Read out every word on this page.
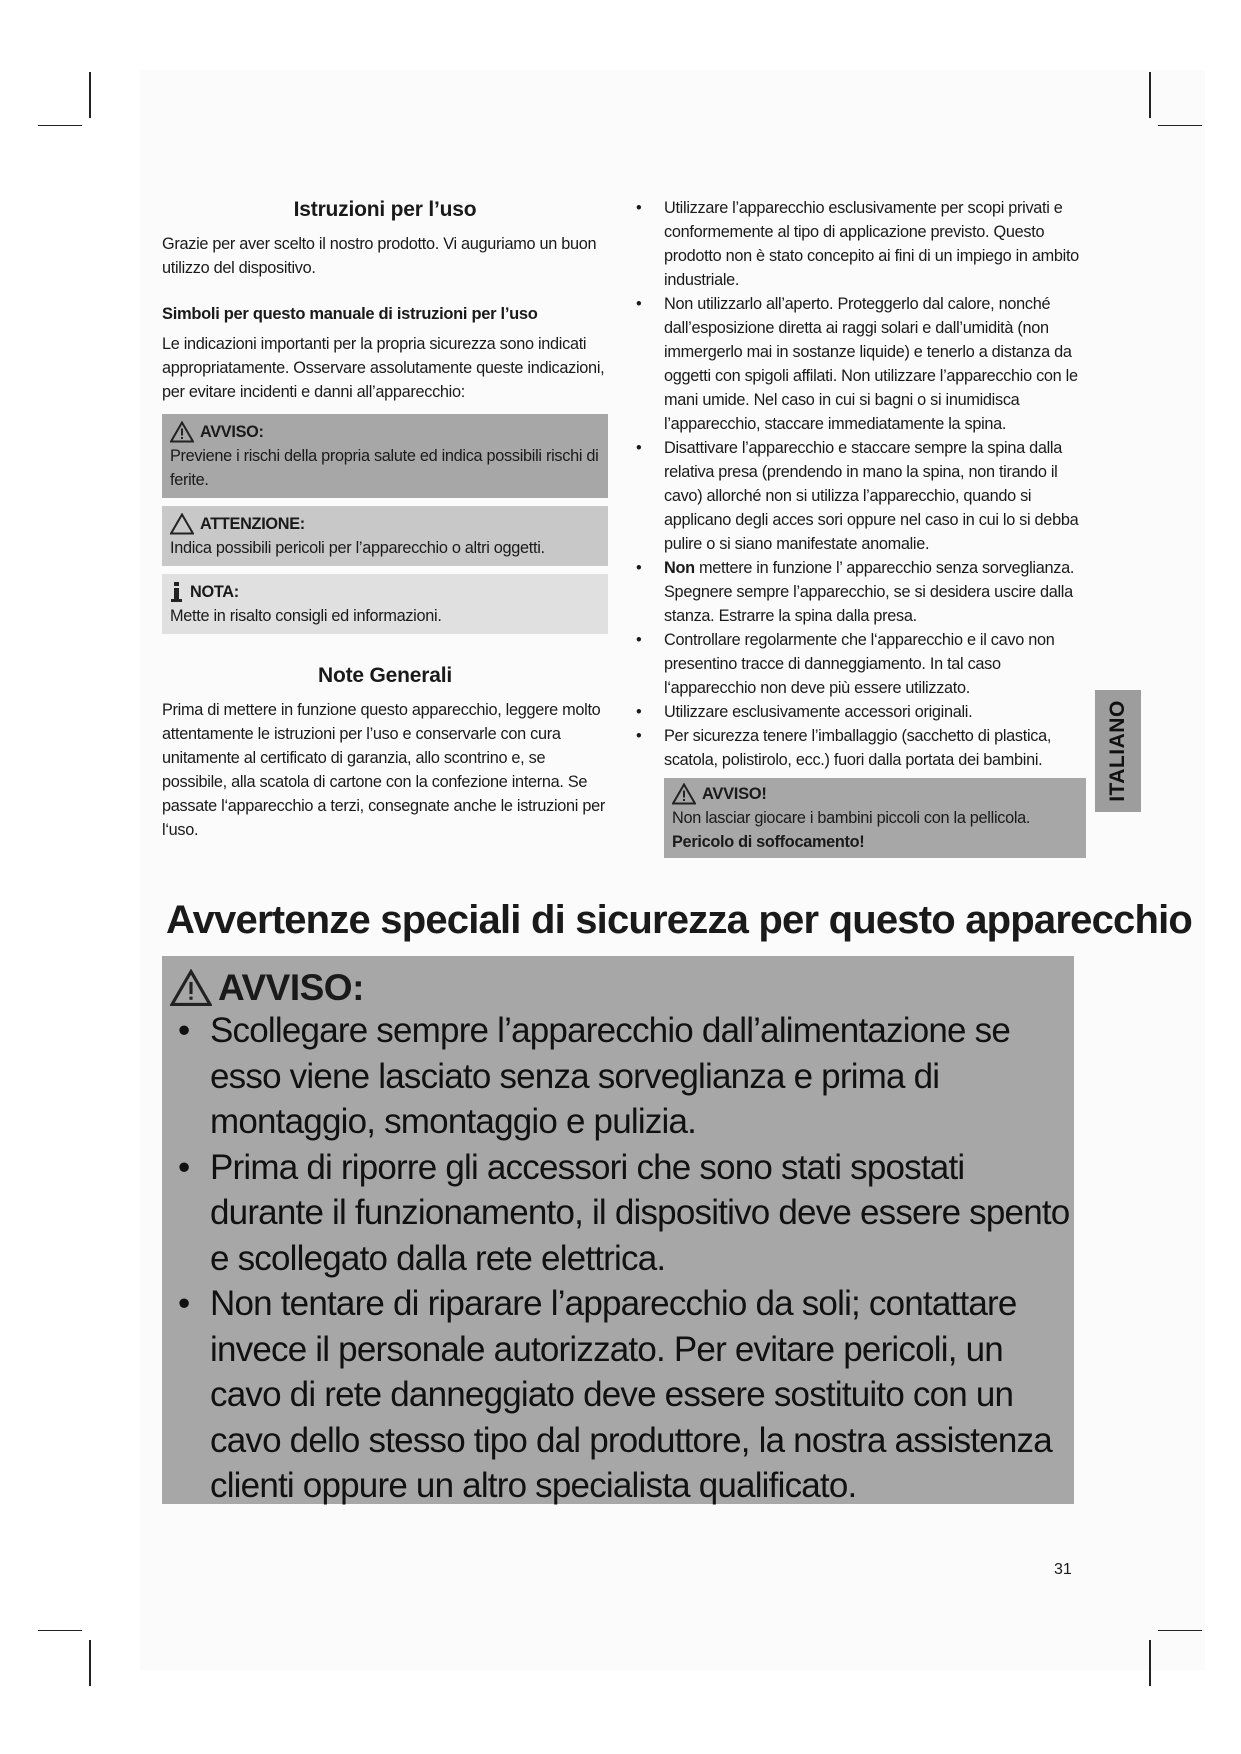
Istruzioni per l’uso

Grazie per aver scelto il nostro prodotto. Vi auguriamo un buon utilizzo del dispositivo.

Simboli per questo manuale di istruzioni per l’uso

Le indicazioni importanti per la propria sicurezza sono indicati appropriatamente. Osservare assolutamente queste indicazioni, per evitare incidenti e danni all’apparecchio:

AVVISO:
Previene i rischi della propria salute ed indica possibili rischi di ferite.
ATTENZIONE:
Indica possibili pericoli per l’apparecchio o altri oggetti.
NOTA:
Mette in risalto consigli ed informazioni.
Note Generali

Prima di mettere in funzione questo apparecchio, leggere molto attentamente le istruzioni per l’uso e conservarle con cura unitamente al certificato di garanzia, allo scontrino e, se possibile, alla scatola di cartone con la confezione interna. Se passate l‘apparecchio a terzi, consegnate anche le istruzioni per l‘uso.

• Utilizzare l’apparecchio esclusivamente per scopi privati e conformemente al tipo di applicazione previsto. Questo prodotto non è stato concepito ai fini di un impiego in ambito industriale.
• Non utilizzarlo all’aperto. Proteggerlo dal calore, nonché dall’esposizione diretta ai raggi solari e dall’umidità (non immergerlo mai in sostanze liquide) e tenerlo a distanza da oggetti con spigoli affilati. Non utilizzare l’apparecchio con le mani umide. Nel caso in cui si bagni o si inumidisca l’apparecchio, staccare immediatamente la spina.
• Disattivare l’apparecchio e staccare sempre la spina dalla relativa presa (prendendo in mano la spina, non tirando il cavo) allorché non si utilizza l’apparecchio, quando si applicano degli acces sori oppure nel caso in cui lo si debba pulire o si siano manifestate anomalie.
• Non mettere in funzione l’ apparecchio senza sorveglianza. Spegnere sempre l’apparecchio, se si desidera uscire dalla stanza. Estrarre la spina dalla presa.
• Controllare regolarmente che l‘apparecchio e il cavo non presentino tracce di danneggiamento. In tal caso l‘apparecchio non deve più essere utilizzato.
• Utilizzare esclusivamente accessori originali.
• Per sicurezza tenere l’imballaggio (sacchetto di plastica, scatola, polistirolo, ecc.) fuori dalla portata dei bambini.
AVVISO!
Non lasciar giocare i bambini piccoli con la pellicola.
Pericolo di soffocamento!
Avvertenze speciali di sicurezza per questo apparecchio
AVVISO:
• Scollegare sempre l’apparecchio dall’alimentazione se esso viene lasciato senza sorveglianza e prima di montaggio, smontaggio e pulizia.
• Prima di riporre gli accessori che sono stati spostati durante il funzionamento, il dispositivo deve essere spento e scollegato dalla rete elettrica.
• Non tentare di riparare l’apparecchio da soli; contattare invece il personale autorizzato. Per evitare pericoli, un cavo di rete danneggiato deve essere sostituito con un cavo dello stesso tipo dal produttore, la nostra assistenza clienti oppure un altro specialista qualificato.
ITALIANO
31
